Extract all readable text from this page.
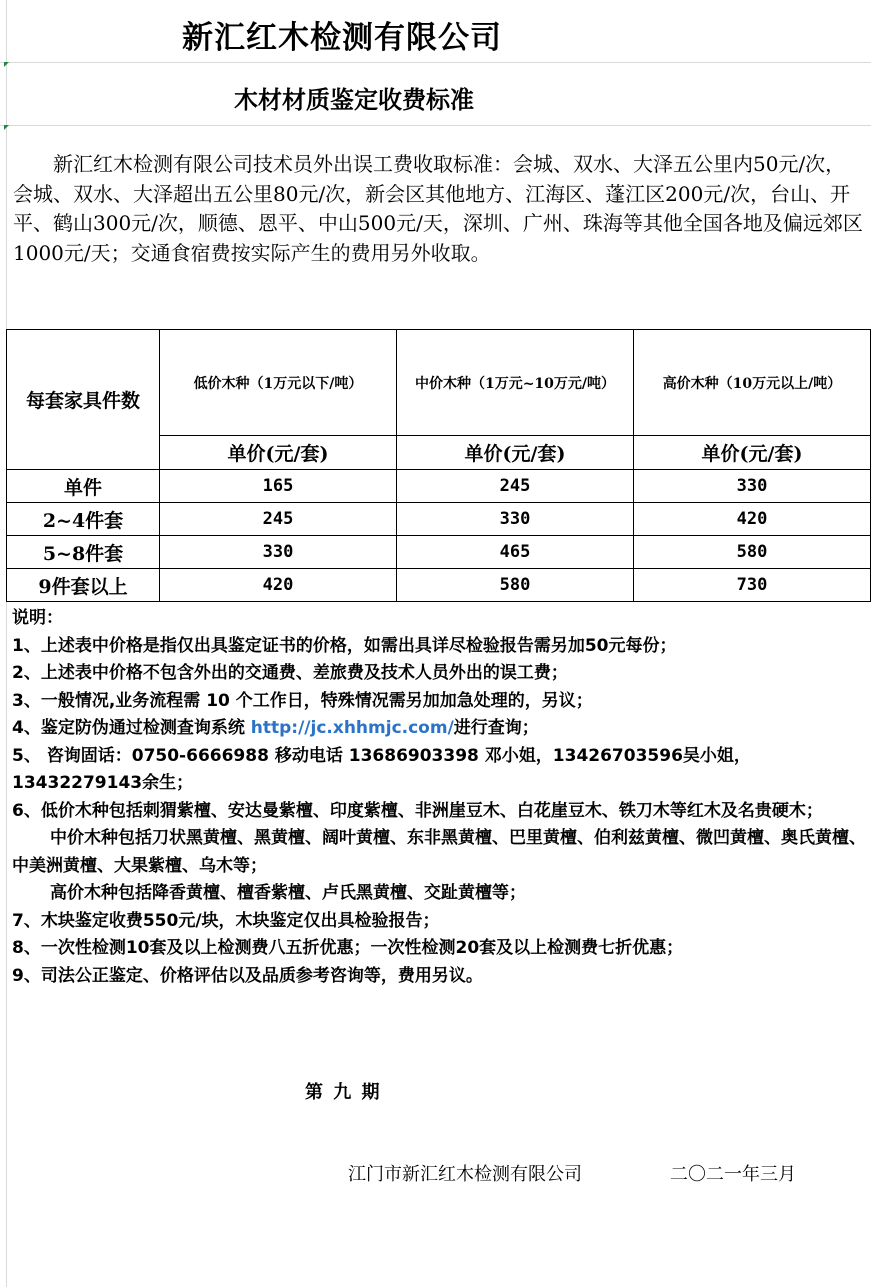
新汇红木检测有限公司
木材材质鉴定收费标准
新汇红木检测有限公司技术员外出误工费收取标准：会城、双水、大泽五公里内50元/次，会城、双水、大泽超出五公里80元/次，新会区其他地方、江海区、蓬江区200元/次，台山、开平、鹤山300元/次，顺德、恩平、中山500元/天，深圳、广州、珠海等其他全国各地及偏远郊区1000元/天；交通食宿费按实际产生的费用另外收取。
每套家具件数	低价木种（1万元以下/吨）	中价木种（1万元~10万元/吨）	高价木种（10万元以上/吨）
	单价(元/套)	单价(元/套)	单价(元/套)
单件	165	245	330
2~4件套	245	330	420
5~8件套	330	465	580
9件套以上	420	580	730
说明：
1、上述表中价格是指仅出具鉴定证书的价格，如需出具详尽检验报告需另加50元每份；
2、上述表中价格不包含外出的交通费、差旅费及技术人员外出的误工费；
3、一般情况,业务流程需 10 个工作日，特殊情况需另加加急处理的，另议；
4、鉴定防伪通过检测查询系统 http://jc.xhhmjc.com/进行查询；
5、 咨询固话：0750-6666988 移动电话 13686903398 邓小姐，13426703596吴小姐，13432279143余生；
6、低价木种包括刺猬紫檀、安达曼紫檀、印度紫檀、非洲崖豆木、白花崖豆木、铁刀木等红木及名贵硬木；
中价木种包括刀状黑黄檀、黑黄檀、阔叶黄檀、东非黑黄檀、巴里黄檀、伯利兹黄檀、微凹黄檀、奥氏黄檀、中美洲黄檀、大果紫檀、乌木等；
高价木种包括降香黄檀、檀香紫檀、卢氏黑黄檀、交趾黄檀等；
7、木块鉴定收费550元/块，木块鉴定仅出具检验报告；
8、一次性检测10套及以上检测费八五折优惠；一次性检测20套及以上检测费七折优惠；
9、司法公正鉴定、价格评估以及品质参考咨询等，费用另议。
第 九 期
江门市新汇红木检测有限公司	二〇二一年三月
